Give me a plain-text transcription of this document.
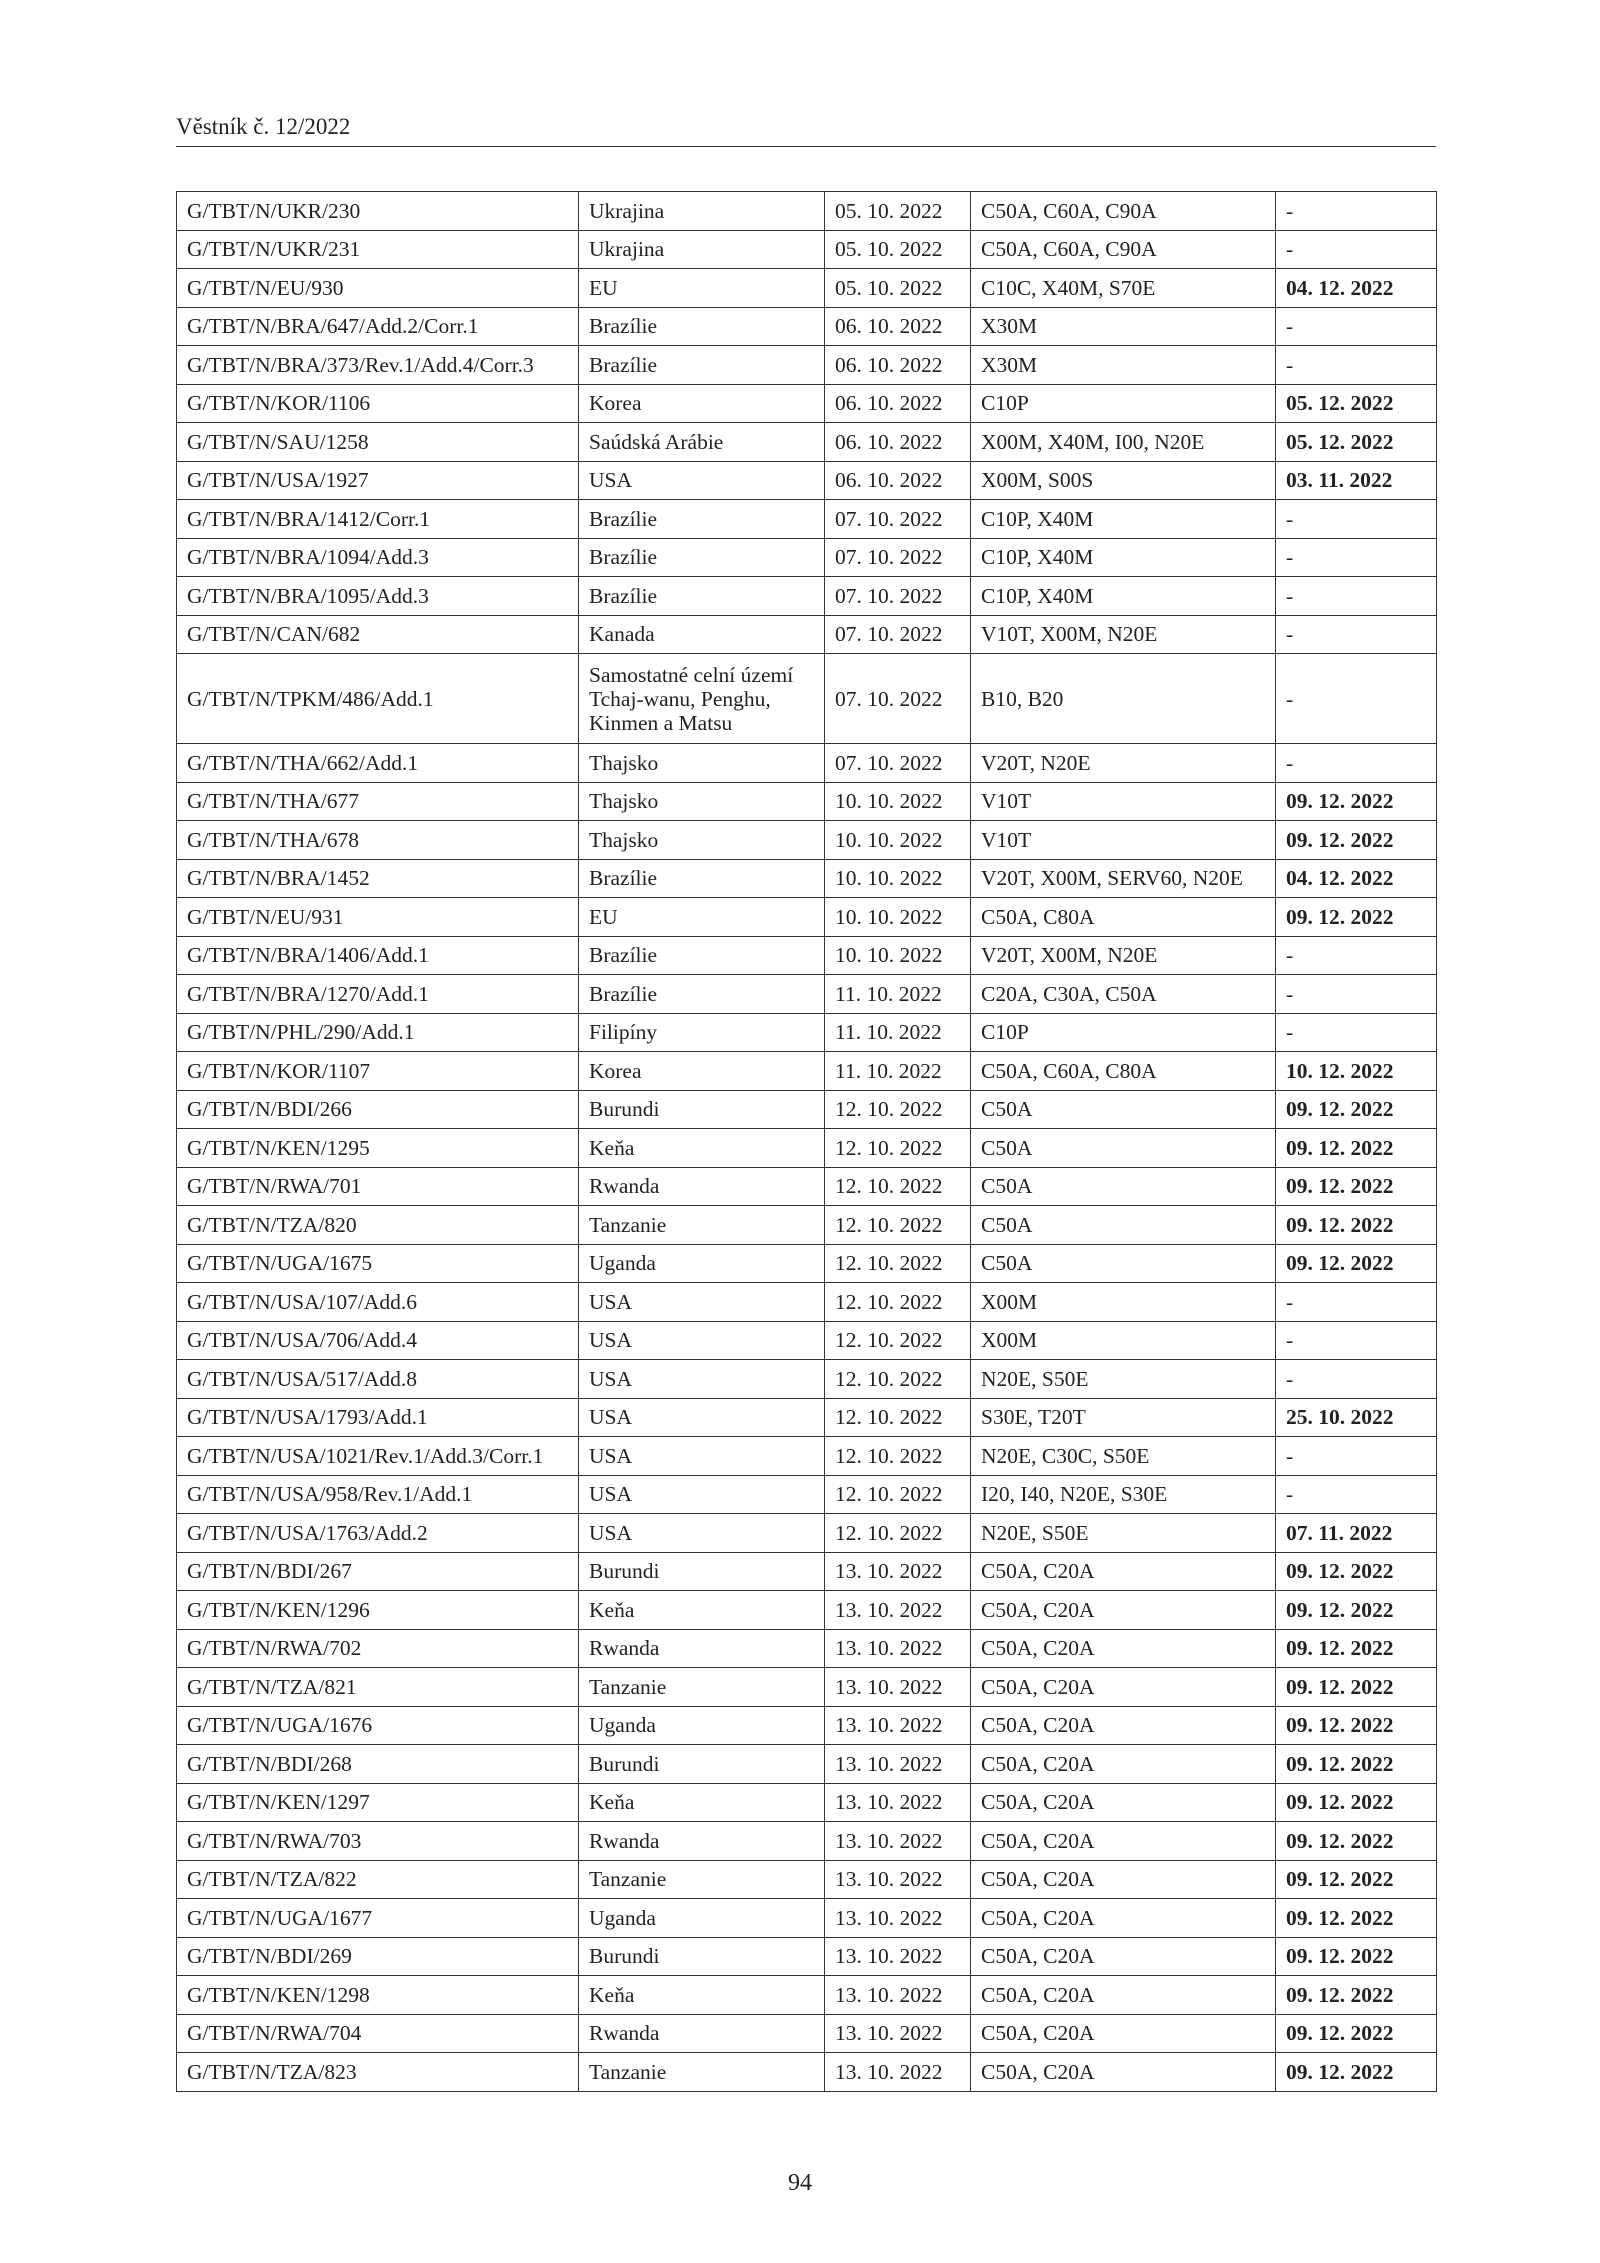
Věstník č. 12/2022
G/TBT/N/UKR/230	Ukrajina	05. 10. 2022	C50A, C60A, C90A	-
G/TBT/N/UKR/231	Ukrajina	05. 10. 2022	C50A, C60A, C90A	-
G/TBT/N/EU/930	EU	05. 10. 2022	C10C, X40M, S70E	04. 12. 2022
G/TBT/N/BRA/647/Add.2/Corr.1	Brazílie	06. 10. 2022	X30M	-
G/TBT/N/BRA/373/Rev.1/Add.4/Corr.3	Brazílie	06. 10. 2022	X30M	-
G/TBT/N/KOR/1106	Korea	06. 10. 2022	C10P	05. 12. 2022
G/TBT/N/SAU/1258	Saúdská Arábie	06. 10. 2022	X00M, X40M, I00, N20E	05. 12. 2022
G/TBT/N/USA/1927	USA	06. 10. 2022	X00M, S00S	03. 11. 2022
G/TBT/N/BRA/1412/Corr.1	Brazílie	07. 10. 2022	C10P, X40M	-
G/TBT/N/BRA/1094/Add.3	Brazílie	07. 10. 2022	C10P, X40M	-
G/TBT/N/BRA/1095/Add.3	Brazílie	07. 10. 2022	C10P, X40M	-
G/TBT/N/CAN/682	Kanada	07. 10. 2022	V10T, X00M, N20E	-
G/TBT/N/TPKM/486/Add.1	Samostatné celní území Tchaj-wanu, Penghu, Kinmen a Matsu	07. 10. 2022	B10, B20	-
G/TBT/N/THA/662/Add.1	Thajsko	07. 10. 2022	V20T, N20E	-
G/TBT/N/THA/677	Thajsko	10. 10. 2022	V10T	09. 12. 2022
G/TBT/N/THA/678	Thajsko	10. 10. 2022	V10T	09. 12. 2022
G/TBT/N/BRA/1452	Brazílie	10. 10. 2022	V20T, X00M, SERV60, N20E	04. 12. 2022
G/TBT/N/EU/931	EU	10. 10. 2022	C50A, C80A	09. 12. 2022
G/TBT/N/BRA/1406/Add.1	Brazílie	10. 10. 2022	V20T, X00M, N20E	-
G/TBT/N/BRA/1270/Add.1	Brazílie	11. 10. 2022	C20A, C30A, C50A	-
G/TBT/N/PHL/290/Add.1	Filipíny	11. 10. 2022	C10P	-
G/TBT/N/KOR/1107	Korea	11. 10. 2022	C50A, C60A, C80A	10. 12. 2022
G/TBT/N/BDI/266	Burundi	12. 10. 2022	C50A	09. 12. 2022
G/TBT/N/KEN/1295	Keňa	12. 10. 2022	C50A	09. 12. 2022
G/TBT/N/RWA/701	Rwanda	12. 10. 2022	C50A	09. 12. 2022
G/TBT/N/TZA/820	Tanzanie	12. 10. 2022	C50A	09. 12. 2022
G/TBT/N/UGA/1675	Uganda	12. 10. 2022	C50A	09. 12. 2022
G/TBT/N/USA/107/Add.6	USA	12. 10. 2022	X00M	-
G/TBT/N/USA/706/Add.4	USA	12. 10. 2022	X00M	-
G/TBT/N/USA/517/Add.8	USA	12. 10. 2022	N20E, S50E	-
G/TBT/N/USA/1793/Add.1	USA	12. 10. 2022	S30E, T20T	25. 10. 2022
G/TBT/N/USA/1021/Rev.1/Add.3/Corr.1	USA	12. 10. 2022	N20E, C30C, S50E	-
G/TBT/N/USA/958/Rev.1/Add.1	USA	12. 10. 2022	I20, I40, N20E, S30E	-
G/TBT/N/USA/1763/Add.2	USA	12. 10. 2022	N20E, S50E	07. 11. 2022
G/TBT/N/BDI/267	Burundi	13. 10. 2022	C50A, C20A	09. 12. 2022
G/TBT/N/KEN/1296	Keňa	13. 10. 2022	C50A, C20A	09. 12. 2022
G/TBT/N/RWA/702	Rwanda	13. 10. 2022	C50A, C20A	09. 12. 2022
G/TBT/N/TZA/821	Tanzanie	13. 10. 2022	C50A, C20A	09. 12. 2022
G/TBT/N/UGA/1676	Uganda	13. 10. 2022	C50A, C20A	09. 12. 2022
G/TBT/N/BDI/268	Burundi	13. 10. 2022	C50A, C20A	09. 12. 2022
G/TBT/N/KEN/1297	Keňa	13. 10. 2022	C50A, C20A	09. 12. 2022
G/TBT/N/RWA/703	Rwanda	13. 10. 2022	C50A, C20A	09. 12. 2022
G/TBT/N/TZA/822	Tanzanie	13. 10. 2022	C50A, C20A	09. 12. 2022
G/TBT/N/UGA/1677	Uganda	13. 10. 2022	C50A, C20A	09. 12. 2022
G/TBT/N/BDI/269	Burundi	13. 10. 2022	C50A, C20A	09. 12. 2022
G/TBT/N/KEN/1298	Keňa	13. 10. 2022	C50A, C20A	09. 12. 2022
G/TBT/N/RWA/704	Rwanda	13. 10. 2022	C50A, C20A	09. 12. 2022
G/TBT/N/TZA/823	Tanzanie	13. 10. 2022	C50A, C20A	09. 12. 2022
94
